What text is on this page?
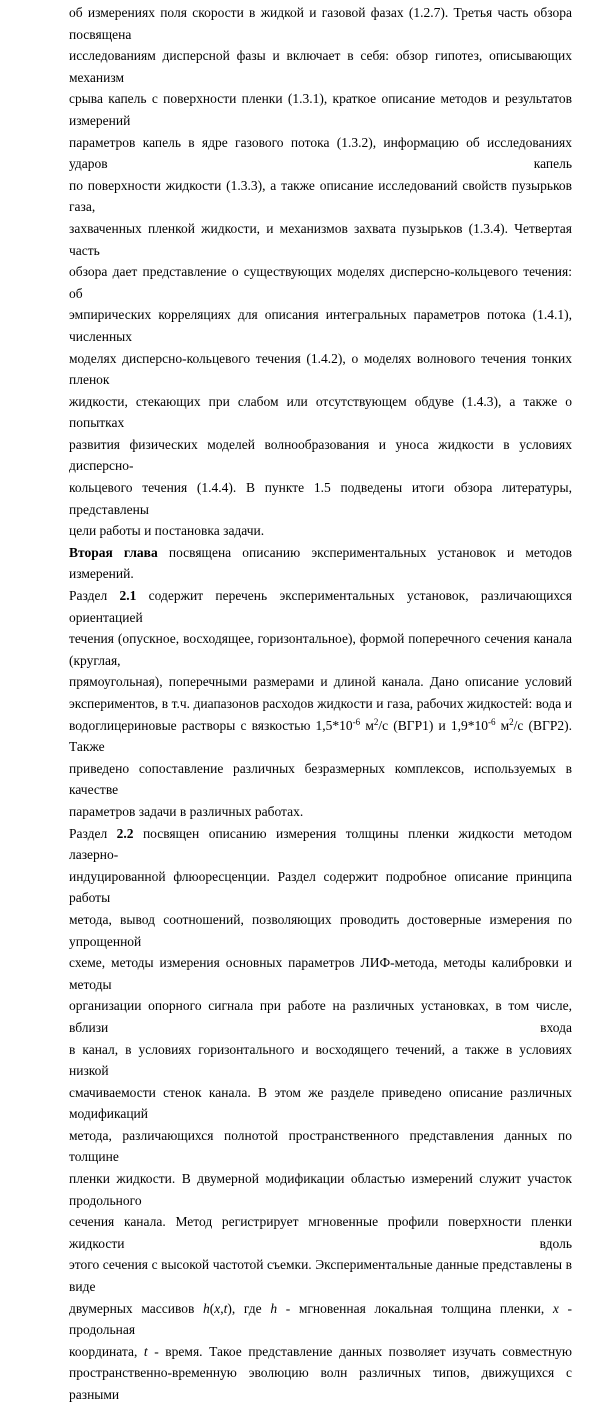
об измерениях поля скорости в жидкой и газовой фазах (1.2.7). Третья часть обзора посвящена
исследованиям дисперсной фазы и включает в себя: обзор гипотез, описывающих механизм
срыва капель с поверхности пленки (1.3.1), краткое описание методов и результатов измерений
параметров капель в ядре газового потока (1.3.2), информацию об исследованиях ударов капель
по поверхности жидкости (1.3.3), а также описание исследований свойств пузырьков газа,
захваченных пленкой жидкости, и механизмов захвата пузырьков (1.3.4). Четвертая часть
обзора дает представление о существующих моделях дисперсно-кольцевого течения: об
эмпирических корреляциях для описания интегральных параметров потока (1.4.1), численных
моделях дисперсно-кольцевого течения (1.4.2), о моделях волнового течения тонких пленок
жидкости, стекающих при слабом или отсутствующем обдуве (1.4.3), а также о попытках
развития физических моделей волнообразования и уноса жидкости в условиях дисперсно-
кольцевого течения (1.4.4). В пункте 1.5 подведены итоги обзора литературы, представлены
цели работы и постановка задачи.
Вторая глава посвящена описанию экспериментальных установок и методов измерений.
Раздел 2.1 содержит перечень экспериментальных установок, различающихся ориентацией
течения (опускное, восходящее, горизонтальное), формой поперечного сечения канала (круглая,
прямоугольная), поперечными размерами и длиной канала. Дано описание условий
экспериментов, в т.ч. диапазонов расходов жидкости и газа, рабочих жидкостей: вода и
водоглицериновые растворы с вязкостью $1,5*10^{-6}$ $м^2/с$ (ВГР1) и $1,9*10^{-6}$ $м^2/с$ (ВГР2). Также
приведено сопоставление различных безразмерных комплексов, используемых в качестве
параметров задачи в различных работах.
Раздел 2.2 посвящен описанию измерения толщины пленки жидкости методом лазерно-
индуцированной флюоресценции. Раздел содержит подробное описание принципа работы
метода, вывод соотношений, позволяющих проводить достоверные измерения по упрощенной
схеме, методы измерения основных параметров ЛИФ-метода, методы калибровки и методы
организации опорного сигнала при работе на различных установках, в том числе, вблизи входа
в канал, в условиях горизонтального и восходящего течений, а также в условиях низкой
смачиваемости стенок канала. В этом же разделе приведено описание различных модификаций
метода, различающихся полнотой пространственного представления данных по толщине
пленки жидкости. В двумерной модификации областью измерений служит участок продольного
сечения канала. Метод регистрирует мгновенные профили поверхности пленки жидкости вдоль
этого сечения с высокой частотой съемки. Экспериментальные данные представлены в виде
двумерных массивов h(x,t), где h - мгновенная локальная толщина пленки, x - продольная
координата, t - время. Такое представление данных позволяет изучать совместную
пространственно-временную эволюцию волн различных типов, движущихся с разными
